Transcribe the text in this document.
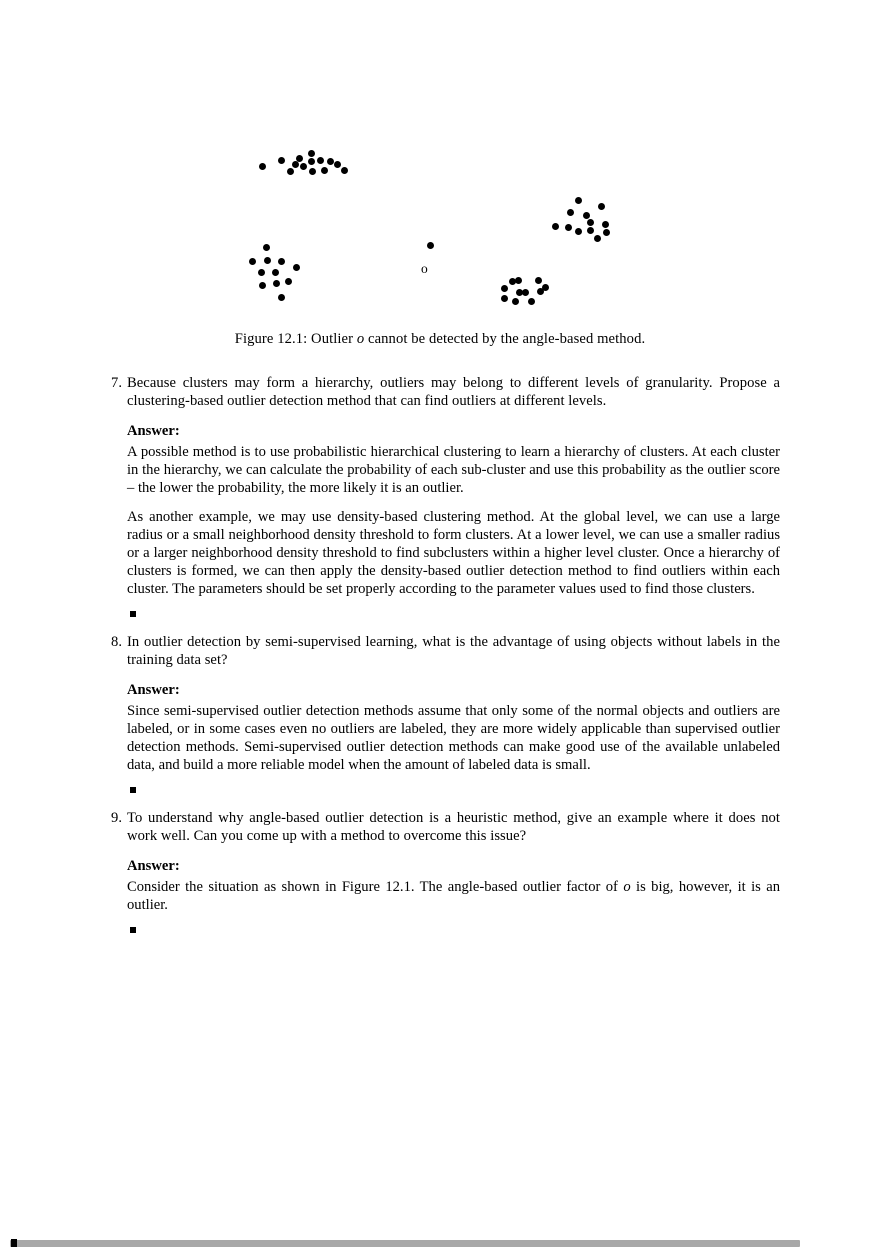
o
Figure 12.1: Outlier o cannot be detected by the angle-based method.
7. Because clusters may form a hierarchy, outliers may belong to different levels of granularity. Propose a clustering-based outlier detection method that can find outliers at different levels.

Answer:

A possible method is to use probabilistic hierarchical clustering to learn a hierarchy of clusters. At each cluster in the hierarchy, we can calculate the probability of each sub-cluster and use this probability as the outlier score – the lower the probability, the more likely it is an outlier.

As another example, we may use density-based clustering method. At the global level, we can use a large radius or a small neighborhood density threshold to form clusters. At a lower level, we can use a smaller radius or a larger neighborhood density threshold to find subclusters within a higher level cluster. Once a hierarchy of clusters is formed, we can then apply the density-based outlier detection method to find outliers within each cluster. The parameters should be set properly according to the parameter values used to find those clusters.

8. In outlier detection by semi-supervised learning, what is the advantage of using objects without labels in the training data set?

Answer:

Since semi-supervised outlier detection methods assume that only some of the normal objects and outliers are labeled, or in some cases even no outliers are labeled, they are more widely applicable than supervised outlier detection methods. Semi-supervised outlier detection methods can make good use of the available unlabeled data, and build a more reliable model when the amount of labeled data is small.

9. To understand why angle-based outlier detection is a heuristic method, give an example where it does not work well. Can you come up with a method to overcome this issue?

Answer:

Consider the situation as shown in Figure 12.1. The angle-based outlier factor of o is big, however, it is an outlier.
